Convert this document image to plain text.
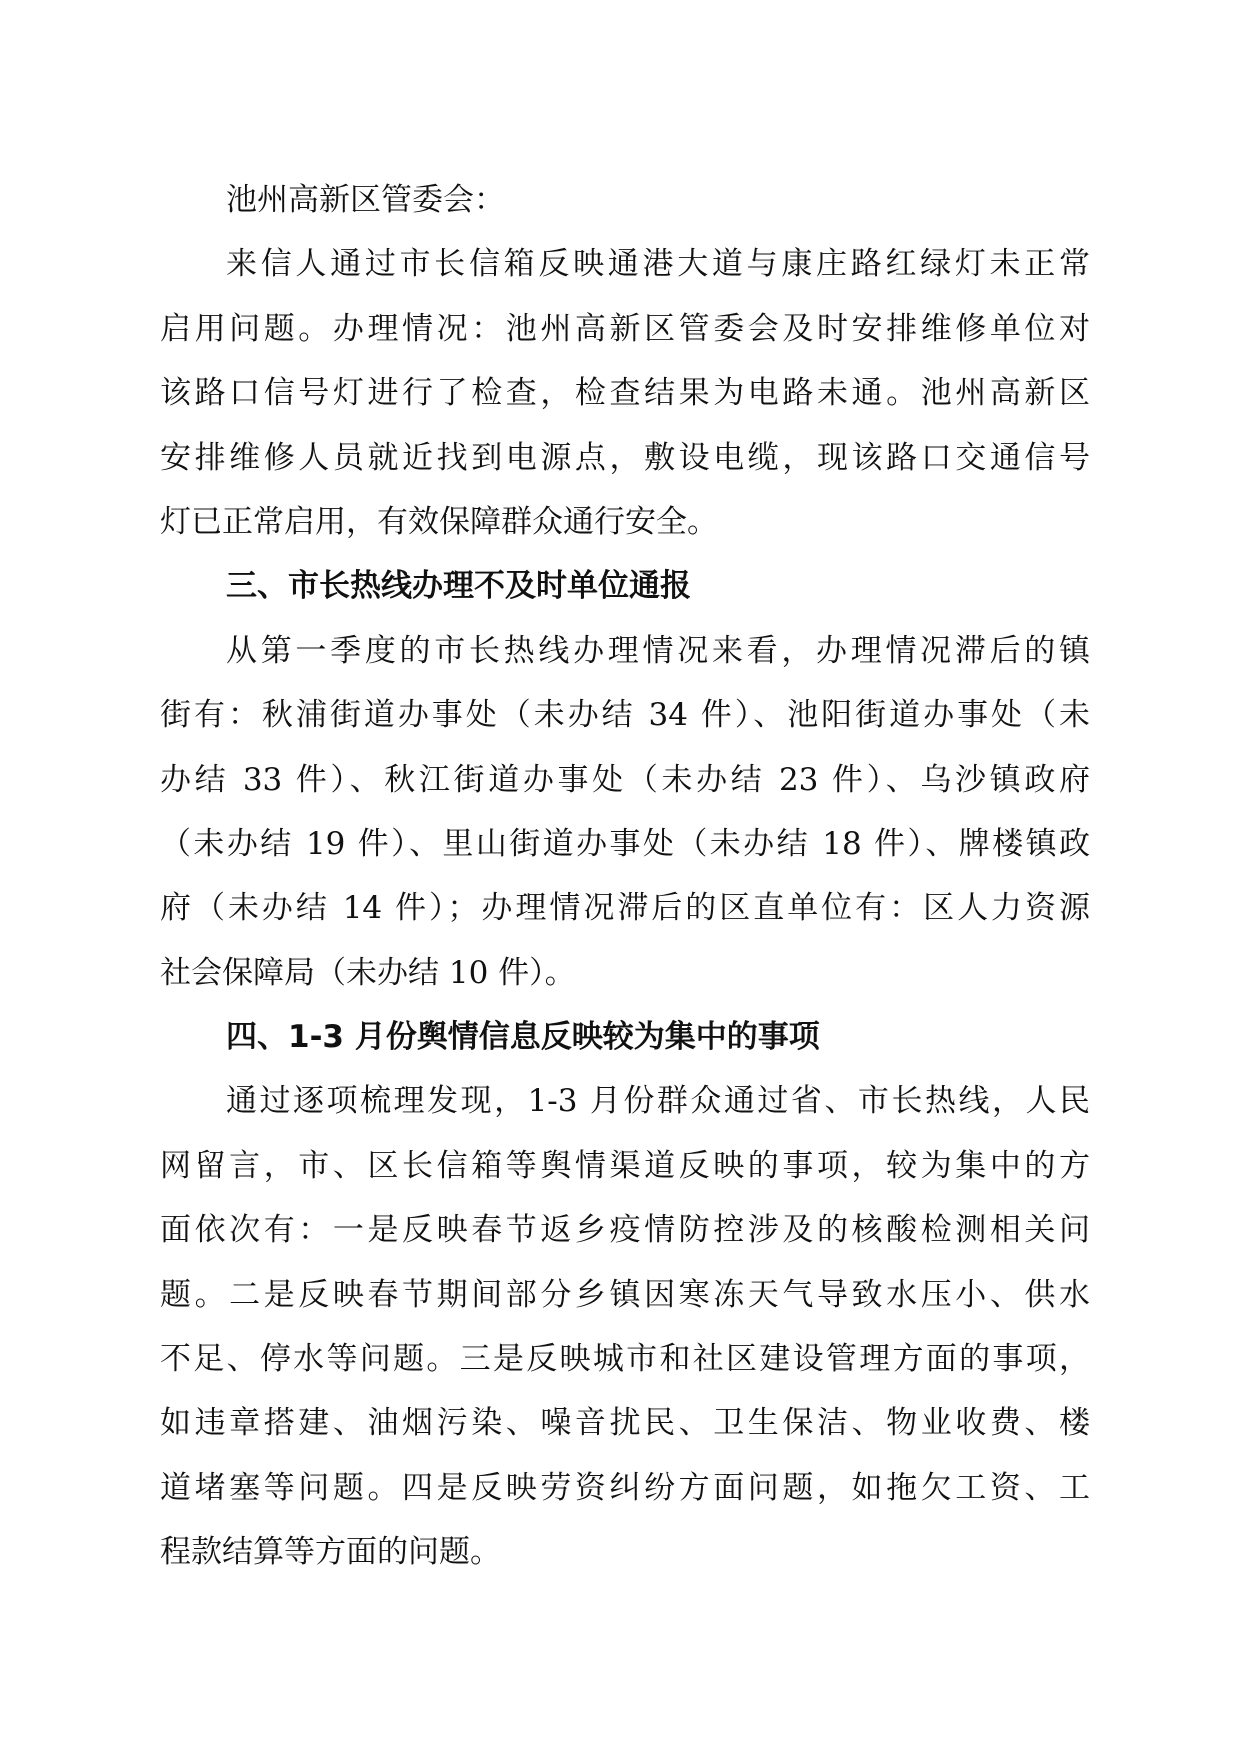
池州高新区管委会：
来信人通过市长信箱反映通港大道与康庄路红绿灯未正常
启用问题。办理情况：池州高新区管委会及时安排维修单位对
该路口信号灯进行了检查，检查结果为电路未通。池州高新区
安排维修人员就近找到电源点，敷设电缆，现该路口交通信号
灯已正常启用，有效保障群众通行安全。
三、市长热线办理不及时单位通报
从第一季度的市长热线办理情况来看，办理情况滞后的镇
街有：秋浦街道办事处（未办结 34 件）、池阳街道办事处（未
办结 33 件）、秋江街道办事处（未办结 23 件）、乌沙镇政府
（未办结 19 件）、里山街道办事处（未办结 18 件）、牌楼镇政
府（未办结 14 件）；办理情况滞后的区直单位有：区人力资源
社会保障局（未办结 10 件）。
四、1-3 月份舆情信息反映较为集中的事项
通过逐项梳理发现，1-3 月份群众通过省、市长热线，人民
网留言，市、区长信箱等舆情渠道反映的事项，较为集中的方
面依次有：一是反映春节返乡疫情防控涉及的核酸检测相关问
题。二是反映春节期间部分乡镇因寒冻天气导致水压小、供水
不足、停水等问题。三是反映城市和社区建设管理方面的事项，
如违章搭建、油烟污染、噪音扰民、卫生保洁、物业收费、楼
道堵塞等问题。四是反映劳资纠纷方面问题，如拖欠工资、工
程款结算等方面的问题。
